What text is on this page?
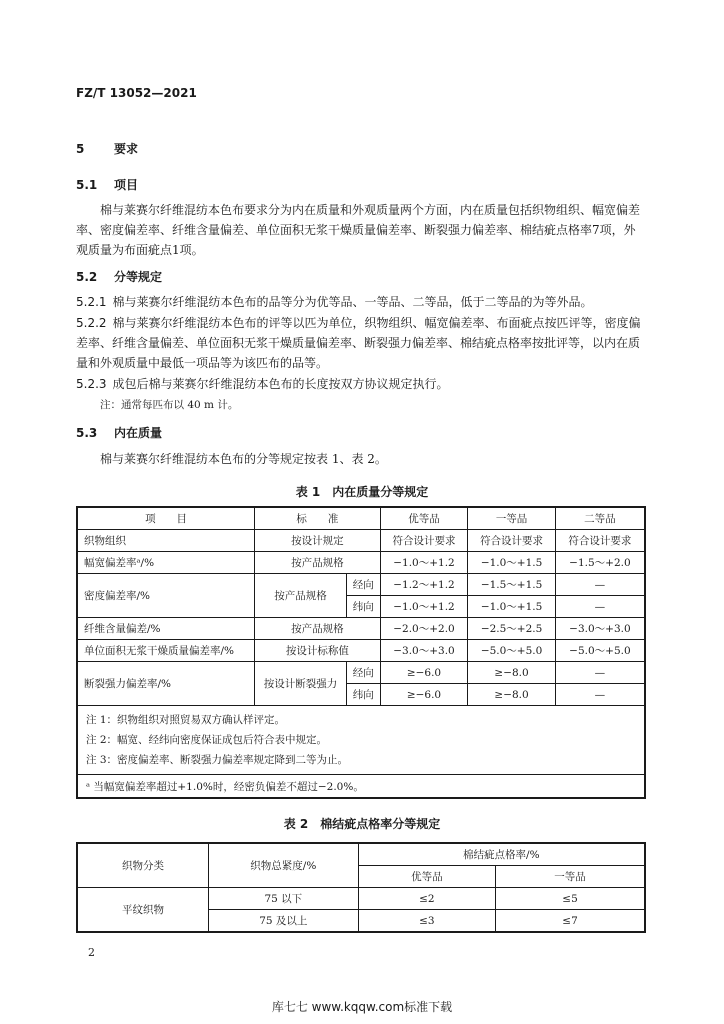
FZ/T 13052—2021
5 要求
5.1 项目
棉与莱赛尔纤维混纺本色布要求分为内在质量和外观质量两个方面，内在质量包括织物组织、幅宽偏差率、密度偏差率、纤维含量偏差、单位面积无浆干燥质量偏差率、断裂强力偏差率、棉结疵点格率7项，外观质量为布面疵点1项。
5.2 分等规定
5.2.1 棉与莱赛尔纤维混纺本色布的品等分为优等品、一等品、二等品，低于二等品的为等外品。
5.2.2 棉与莱赛尔纤维混纺本色布的评等以匹为单位，织物组织、幅宽偏差率、布面疵点按匹评等，密度偏差率、纤维含量偏差、单位面积无浆干燥质量偏差率、断裂强力偏差率、棉结疵点格率按批评等，以内在质量和外观质量中最低一项品等为该匹布的品等。
5.2.3 成包后棉与莱赛尔纤维混纺本色布的长度按双方协议规定执行。
注：通常每匹布以 40 m 计。
5.3 内在质量
棉与莱赛尔纤维混纺本色布的分等规定按表 1、表 2。
表 1　内在质量分等规定
项　　目	标　　准		优等品	一等品	二等品
织物组织	按设计规定		符合设计要求	符合设计要求	符合设计要求
幅宽偏差率ᵃ/%	按产品规格		−1.0～+1.2	−1.0～+1.5	−1.5～+2.0
密度偏差率/%	按产品规格	经向	−1.2～+1.2	−1.5～+1.5	—
		纬向	−1.0～+1.2	−1.0～+1.5	—
纤维含量偏差/%	按产品规格		−2.0～+2.0	−2.5～+2.5	−3.0～+3.0
单位面积无浆干燥质量偏差率/%	按设计标称值		−3.0～+3.0	−5.0～+5.0	−5.0～+5.0
断裂强力偏差率/%	按设计断裂强力	经向	≥−6.0	≥−8.0	—
		纬向	≥−6.0	≥−8.0	—

注 1：织物组织对照贸易双方确认样评定。
注 2：幅宽、经纬向密度保证成包后符合表中规定。
注 3：密度偏差率、断裂强力偏差率规定降到二等为止。					

ᵃ 当幅宽偏差率超过+1.0%时，经密负偏差不超过−2.0%。					
表 2　棉结疵点格率分等规定
织物分类	织物总紧度/%	棉结疵点格率/%	
		优等品	一等品
平纹织物	75 以下	≤2	≤5
	75 及以上	≤3	≤7
2
库七七 www.kqqw.com标准下载
